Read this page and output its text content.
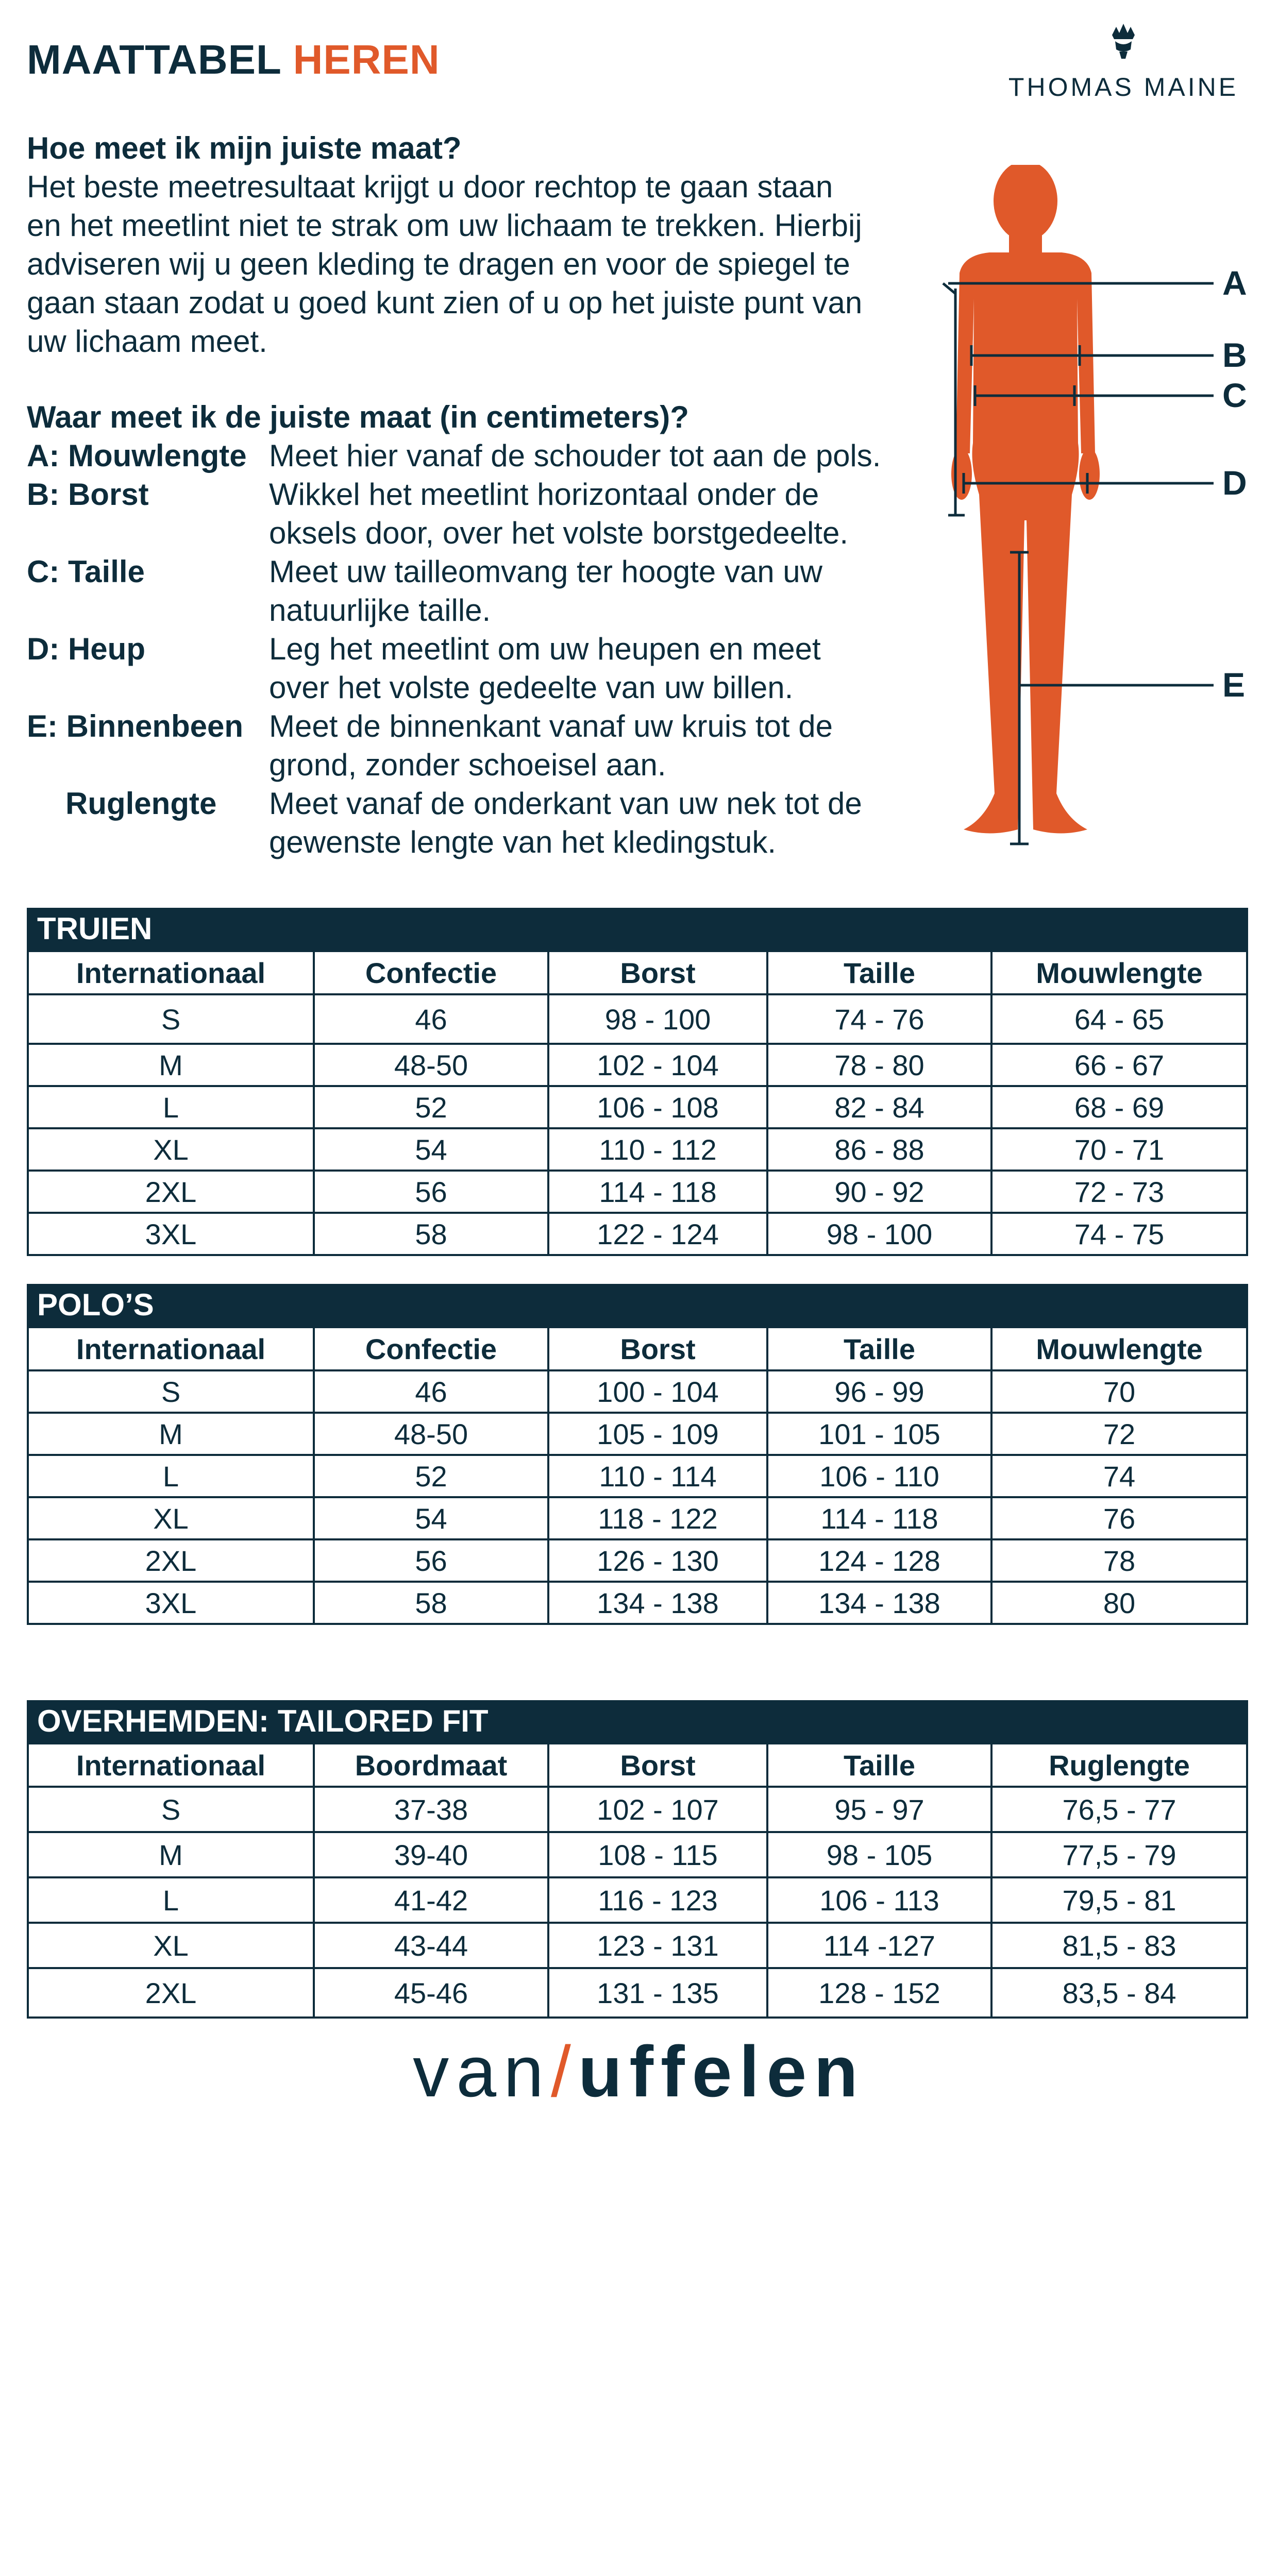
MAATTABEL HEREN
THOMAS MAINE
Hoe meet ik mijn juiste maat?

Het beste meetresultaat krijgt u door rechtop te gaan staan

en het meetlint niet te strak om uw lichaam te trekken. Hierbij

adviseren wij u geen kleding te dragen en voor de spiegel te

gaan staan zodat u goed kunt zien of u op het juiste punt van

uw lichaam meet.

Waar meet ik de juiste maat (in centimeters)?
A: Mouwlengte Meet hier vanaf de schouder tot aan de pols.
B: Borst	Wikkel het meetlint horizontaal onder de
oksels door, over het volste borstgedeelte.
C: Taille	Meet uw tailleomvang ter hoogte van uw
natuurlijke taille.
D: Heup	Leg het meetlint om uw heupen en meet
over het volste gedeelte van uw billen.
E: Binnenbeen Meet de binnenkant vanaf uw kruis tot de
grond, zonder schoeisel aan.
Ruglengte	Meet vanaf de onderkant van uw nek tot de
gewenste lengte van het kledingstuk.
A
B
C
D
E
TRUIEN
Internationaal	Confectie	Borst	Taille	Mouwlengte
S	46	98 - 100	74 - 76	64 - 65
M	48-50	102 - 104	78 - 80	66 - 67
L	52	106 - 108	82 - 84	68 - 69
XL	54	110 - 112	86 - 88	70 - 71
2XL	56	114 - 118	90 - 92	72 - 73
3XL	58	122 - 124	98 - 100	74 - 75
POLO’S
Internationaal	Confectie	Borst	Taille	Mouwlengte
S	46	100 - 104	96 - 99	70
M	48-50	105 - 109	101 - 105	72
L	52	110 - 114	106 - 110	74
XL	54	118 - 122	114 - 118	76
2XL	56	126 - 130	124 - 128	78
3XL	58	134 - 138	134 - 138	80
OVERHEMDEN: TAILORED FIT
Internationaal	Boordmaat	Borst	Taille	Ruglengte
S	37-38	102 - 107	95 - 97	76,5 - 77
M	39-40	108 - 115	98 - 105	77,5 - 79
L	41-42	116 - 123	106 - 113	79,5 - 81
XL	43-44	123 - 131	114 -127	81,5 - 83
2XL	45-46	131 - 135	128 - 152	83,5 - 84
van/uffelen
